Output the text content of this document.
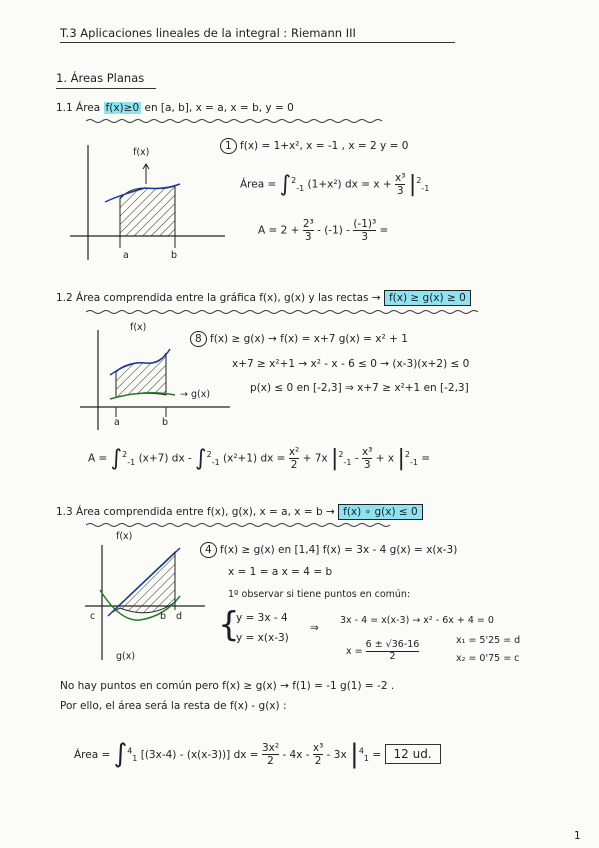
T.3 Aplicaciones lineales de la integral : Riemann III
1. Áreas Planas
1.1 Área f(x)≥0 en [a, b], x = a, x = b, y = 0
f(x)
a	b
1 f(x) = 1+x², x = -1 , x = 2 y = 0
Área = ∫$^2_{-1}$ (1+x²) dx = $x + \frac{\text{x³}}{3} |^2_{-1}$
$A = 2 + \frac{\text{2³}}{3} - (-1) - \frac{\text{(-1)³}}{3}$ =
1.2 Área comprendida entre la gráfica f(x), g(x) y las rectas → f(x) ≥ g(x) ≥ 0
f(x)
→ g(x)
a	b
8 f(x) ≥ g(x) → f(x) = x+7 g(x) = x² + 1
x+7 ≥ x²+1 → x² - x - 6 ≤ 0 → (x-3)(x+2) ≤ 0
p(x) ≤ 0 en [-2,3] ⇒ x+7 ≥ x²+1 en [-2,3]
A = ∫$^2_{-1}$ (x+7) dx - ∫$^2_{-1}$ (x²+1) dx = $\frac{\text{x²}}{2} + 7x$ $|^2_{-1} - \frac{\text{x³}}{3} + x$ $|^2_{-1}$ =
1.3 Área comprendida entre f(x), g(x), x = a, x = b → f(x) ∘ g(x) ≤ 0
f(x)
c	b d
g(x)
4 f(x) ≥ g(x) en [1,4] f(x) = 3x - 4 g(x) = x(x-3)
x = 1 = a x = 4 = b
1º observar si tiene puntos en común:
{
y = 3x - 4
y = x(x-3)
⇒
3x - 4 = x(x-3) → x² - 6x + 4 = 0
$x = \frac{6 \pm √36-16}{2}$	x₁ = 5'25 = d
x₂ = 0'75 = c
No hay puntos en común pero f(x) ≥ g(x) → f(1) = -1 g(1) = -2 .
Por ello, el área será la resta de f(x) - g(x) :
Área = ∫$^4_1$ [(3x-4) - (x(x-3))] dx = $\frac{\text{3x²}}{2} - 4x - \frac{\text{x³}}{2} - 3x$ $|^4_1 = 12$ ud.
1
